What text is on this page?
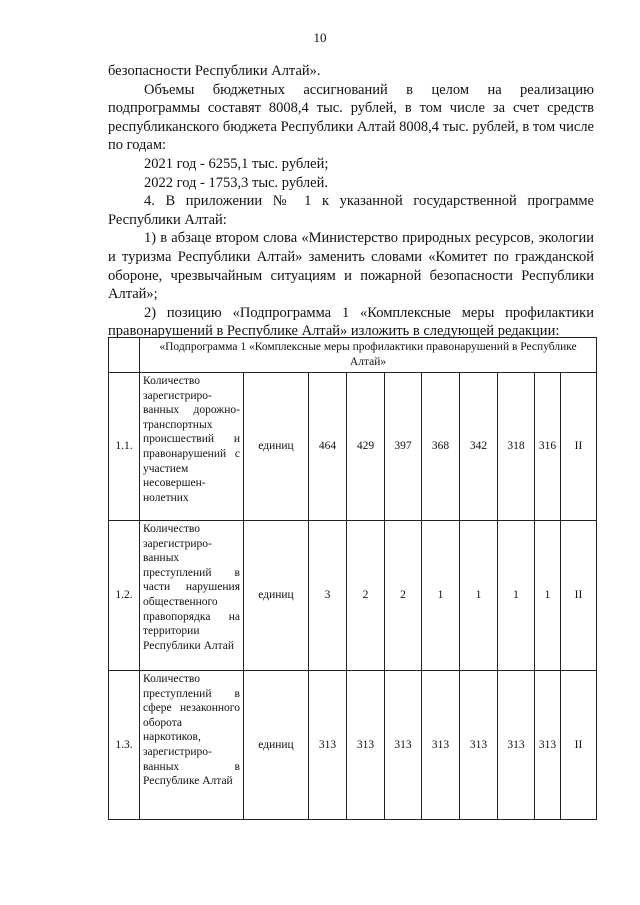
10

безопасности Республики Алтай».

Объемы бюджетных ассигнований в целом на реализацию подпрограммы составят 8008,4 тыс. рублей, в том числе за счет средств республиканского бюджета Республики Алтай 8008,4 тыс. рублей, в том числе по годам:

2021 год - 6255,1 тыс. рублей;

2022 год - 1753,3 тыс. рублей.

4. В приложении № 1 к указанной государственной программе Республики Алтай:

1) в абзаце втором слова «Министерство природных ресурсов, экологии и туризма Республики Алтай» заменить словами «Комитет по гражданской обороне, чрезвычайным ситуациям и пожарной безопасности Республики Алтай»;

2) позицию «Подпрограмма 1 «Комплексные меры профилактики правонарушений в Республике Алтай» изложить в следующей редакции:

	«Подпрограмма 1 «Комплексные меры профилактики правонарушений в Республике Алтай»									
1.1.	Количество зарегистриро-ванных дорожно-транспортных происшествий и правонарушений с участием несовершен-нолетних	единиц	464	429	397	368	342	318	316	II
1.2.	Количество зарегистриро-ванных преступлений в части нарушения общественного правопорядка на территории Республики Алтай	единиц	3	2	2	1	1	1	1	II
1.3.	Количество преступлений в сфере незаконного оборота наркотиков, зарегистриро-ванных в Республике Алтай	единиц	313	313	313	313	313	313	313	II
